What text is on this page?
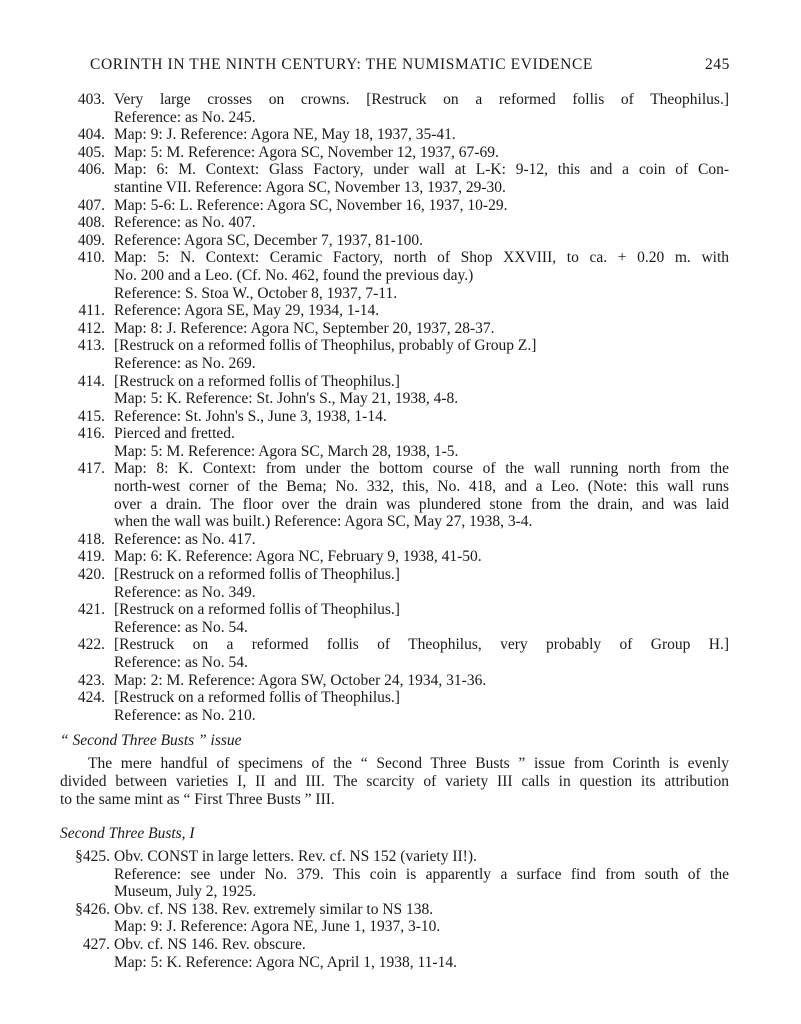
CORINTH IN THE NINTH CENTURY: THE NUMISMATIC EVIDENCE	245
403. Very large crosses on crowns. [Restruck on a reformed follis of Theophilus.]
Reference: as No. 245.
404. Map: 9: J. Reference: Agora NE, May 18, 1937, 35-41.
405. Map: 5: M. Reference: Agora SC, November 12, 1937, 67-69.
406. Map: 6: M. Context: Glass Factory, under wall at L-K: 9-12, this and a coin of Con-
stantine VII. Reference: Agora SC, November 13, 1937, 29-30.
407. Map: 5-6: L. Reference: Agora SC, November 16, 1937, 10-29.
408. Reference: as No. 407.
409. Reference: Agora SC, December 7, 1937, 81-100.
410. Map: 5: N. Context: Ceramic Factory, north of Shop XXVIII, to ca. + 0.20 m. with
No. 200 and a Leo. (Cf. No. 462, found the previous day.)
Reference: S. Stoa W., October 8, 1937, 7-11.
411. Reference: Agora SE, May 29, 1934, 1-14.
412. Map: 8: J. Reference: Agora NC, September 20, 1937, 28-37.
413. [Restruck on a reformed follis of Theophilus, probably of Group Z.]
Reference: as No. 269.
414. [Restruck on a reformed follis of Theophilus.]
Map: 5: K. Reference: St. John's S., May 21, 1938, 4-8.
415. Reference: St. John's S., June 3, 1938, 1-14.
416. Pierced and fretted.
Map: 5: M. Reference: Agora SC, March 28, 1938, 1-5.
417. Map: 8: K. Context: from under the bottom course of the wall running north from the
north-west corner of the Bema; No. 332, this, No. 418, and a Leo. (Note: this wall runs
over a drain. The floor over the drain was plundered stone from the drain, and was laid
when the wall was built.) Reference: Agora SC, May 27, 1938, 3-4.
418. Reference: as No. 417.
419. Map: 6: K. Reference: Agora NC, February 9, 1938, 41-50.
420. [Restruck on a reformed follis of Theophilus.]
Reference: as No. 349.
421. [Restruck on a reformed follis of Theophilus.]
Reference: as No. 54.
422. [Restruck on a reformed follis of Theophilus, very probably of Group H.]
Reference: as No. 54.
423. Map: 2: M. Reference: Agora SW, October 24, 1934, 31-36.
424. [Restruck on a reformed follis of Theophilus.]
Reference: as No. 210.
“ Second Three Busts ” issue
The mere handful of specimens of the “ Second Three Busts ” issue from Corinth is evenly
divided between varieties I, II and III. The scarcity of variety III calls in question its attribution
to the same mint as “ First Three Busts ” III.
Second Three Busts, I
§425. Obv. CONST in large letters. Rev. cf. NS 152 (variety II!).
Reference: see under No. 379. This coin is apparently a surface find from south of the
Museum, July 2, 1925.
§426. Obv. cf. NS 138. Rev. extremely similar to NS 138.
Map: 9: J. Reference: Agora NE, June 1, 1937, 3-10.
427. Obv. cf. NS 146. Rev. obscure.
Map: 5: K. Reference: Agora NC, April 1, 1938, 11-14.
